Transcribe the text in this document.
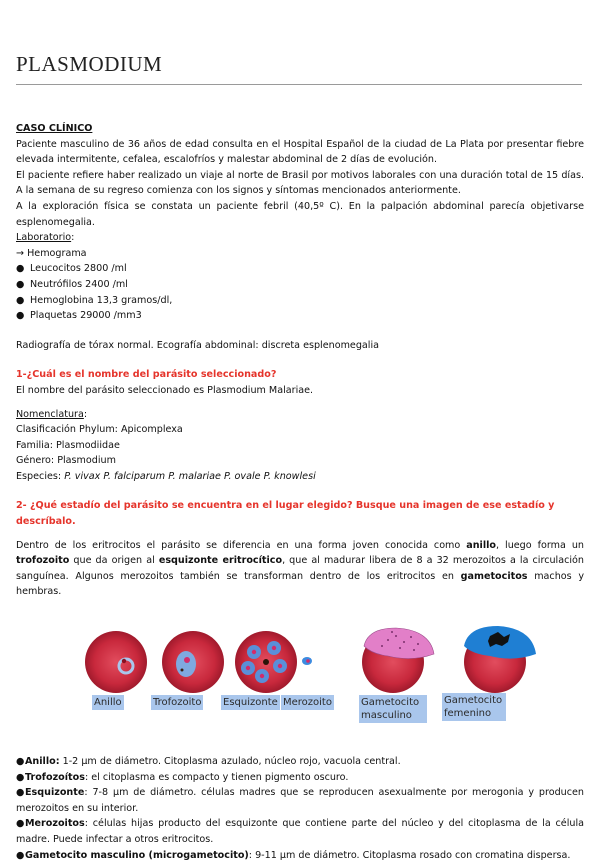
PLASMODIUM

CASO CLÍNICO

Paciente masculino de 36 años de edad consulta en el Hospital Español de la ciudad de La Plata por presentar fiebre elevada intermitente, cefalea, escalofríos y malestar abdominal de 2 días de evolución.

El paciente refiere haber realizado un viaje al norte de Brasil por motivos laborales con una duración total de 15 días. A la semana de su regreso comienza con los signos y síntomas mencionados anteriormente.

A la exploración física se constata un paciente febril (40,5º C). En la palpación abdominal parecía objetivarse esplenomegalia.

Laboratorio:

→ Hemograma

● Leucocitos 2800 /ml

● Neutrófilos 2400 /ml

● Hemoglobina 13,3 gramos/dl,

● Plaquetas 29000 /mm3

Radiografía de tórax normal. Ecografía abdominal: discreta esplenomegalia

1-¿Cuál es el nombre del parásito seleccionado?

El nombre del parásito seleccionado es Plasmodium Malariae.

Nomenclatura:

Clasificación Phylum: Apicomplexa

Familia: Plasmodiidae

Género: Plasmodium

Especies: P. vivax P. falciparum P. malariae P. ovale P. knowlesi

2- ¿Qué estadío del parásito se encuentra en el lugar elegido? Busque una imagen de ese estadío y descríbalo.

Dentro de los eritrocitos el parásito se diferencia en una forma joven conocida como anillo, luego forma un trofozoito que da origen al esquizonte eritrocítico, que al madurar libera de 8 a 32 merozoitos a la circulación sanguínea. Algunos merozoitos también se transforman dentro de los eritrocitos en gametocitos machos y hembras.

Anillo	Trofozoito Esquizonte Merozoito	Gametocito masculino
Gametocito femenino

●Anillo: 1-2 μm de diámetro. Citoplasma azulado, núcleo rojo, vacuola central.

●Trofozoítos: el citoplasma es compacto y tienen pigmento oscuro.

●Esquizonte: 7-8 μm de diámetro. células madres que se reproducen asexualmente por merogonia y producen merozoitos en su interior.

●Merozoitos: células hijas producto del esquizonte que contiene parte del núcleo y del citoplasma de la célula madre. Puede infectar a otros eritrocitos.

●Gametocito masculino (microgametocito): 9-11 μm de diámetro. Citoplasma rosado con cromatina dispersa.
